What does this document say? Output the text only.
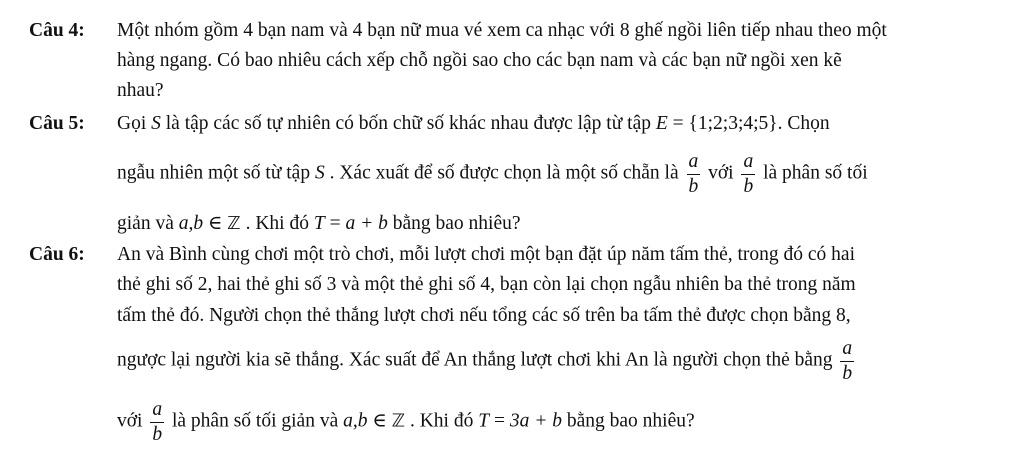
Câu 4: Một nhóm gồm 4 bạn nam và 4 bạn nữ mua vé xem ca nhạc với 8 ghế ngồi liên tiếp nhau theo một
hàng ngang. Có bao nhiêu cách xếp chỗ ngồi sao cho các bạn nam và các bạn nữ ngồi xen kẽ
nhau?
Câu 5: Gọi S là tập các số tự nhiên có bốn chữ số khác nhau được lập từ tập E = {1;2;3;4;5}. Chọn
ngẫu nhiên một số từ tập S . Xác xuất để số được chọn là một số chẵn là $\frac{a}{b}$ với $\frac{a}{b}$ là phân số tối
giản và a,b ∈ ℤ . Khi đó T = a + b bằng bao nhiêu?
Câu 6: An và Bình cùng chơi một trò chơi, mỗi lượt chơi một bạn đặt úp năm tấm thẻ, trong đó có hai
thẻ ghi số 2, hai thẻ ghi số 3 và một thẻ ghi số 4, bạn còn lại chọn ngẫu nhiên ba thẻ trong năm
tấm thẻ đó. Người chọn thẻ thắng lượt chơi nếu tổng các số trên ba tấm thẻ được chọn bằng 8,
ngược lại người kia sẽ thắng. Xác suất để An thắng lượt chơi khi An là người chọn thẻ bằng $\frac{a}{b}$
với $\frac{a}{b}$ là phân số tối giản và a,b ∈ ℤ . Khi đó T = 3a + b bằng bao nhiêu?
